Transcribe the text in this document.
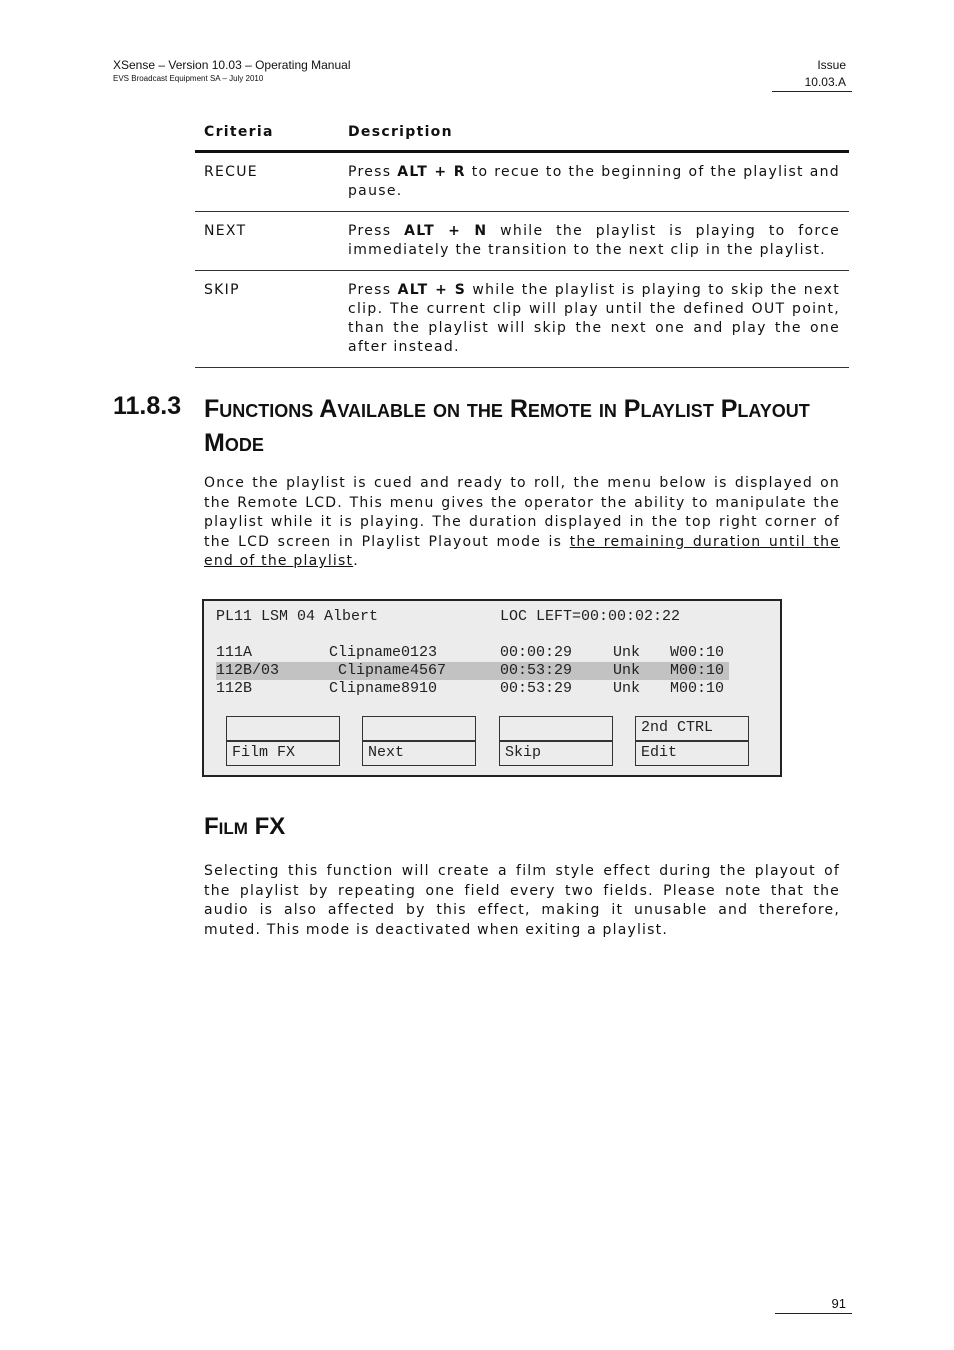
XSense – Version 10.03 – Operating Manual
EVS Broadcast Equipment SA – July 2010
Issue
10.03.A
Criteria	Description
RECUE	Press ALT + R to recue to the beginning of the playlist and pause.
NEXT	Press ALT + N while the playlist is playing to force immediately the transition to the next clip in the playlist.
SKIP	Press ALT + S while the playlist is playing to skip the next clip. The current clip will play until the defined OUT point, than the playlist will skip the next one and play the one after instead.
11.8.3 Functions Available on the Remote in Playlist Playout Mode
Once the playlist is cued and ready to roll, the menu below is displayed on the Remote LCD. This menu gives the operator the ability to manipulate the playlist while it is playing. The duration displayed in the top right corner of the LCD screen in Playlist Playout mode is the remaining duration until the end of the playlist.
PL11 LSM 04 Albert	LOC LEFT=00:00:02:22
111A	Clipname0123	00:00:29	Unk W00:10
112B/03	Clipname4567	00:53:29	Unk M00:10
112B	Clipname8910	00:53:29	Unk M00:10
2nd CTRL
Film FX	Next	Skip	Edit
Film FX
Selecting this function will create a film style effect during the playout of the playlist by repeating one field every two fields. Please note that the audio is also affected by this effect, making it unusable and therefore, muted. This mode is deactivated when exiting a playlist.
91
